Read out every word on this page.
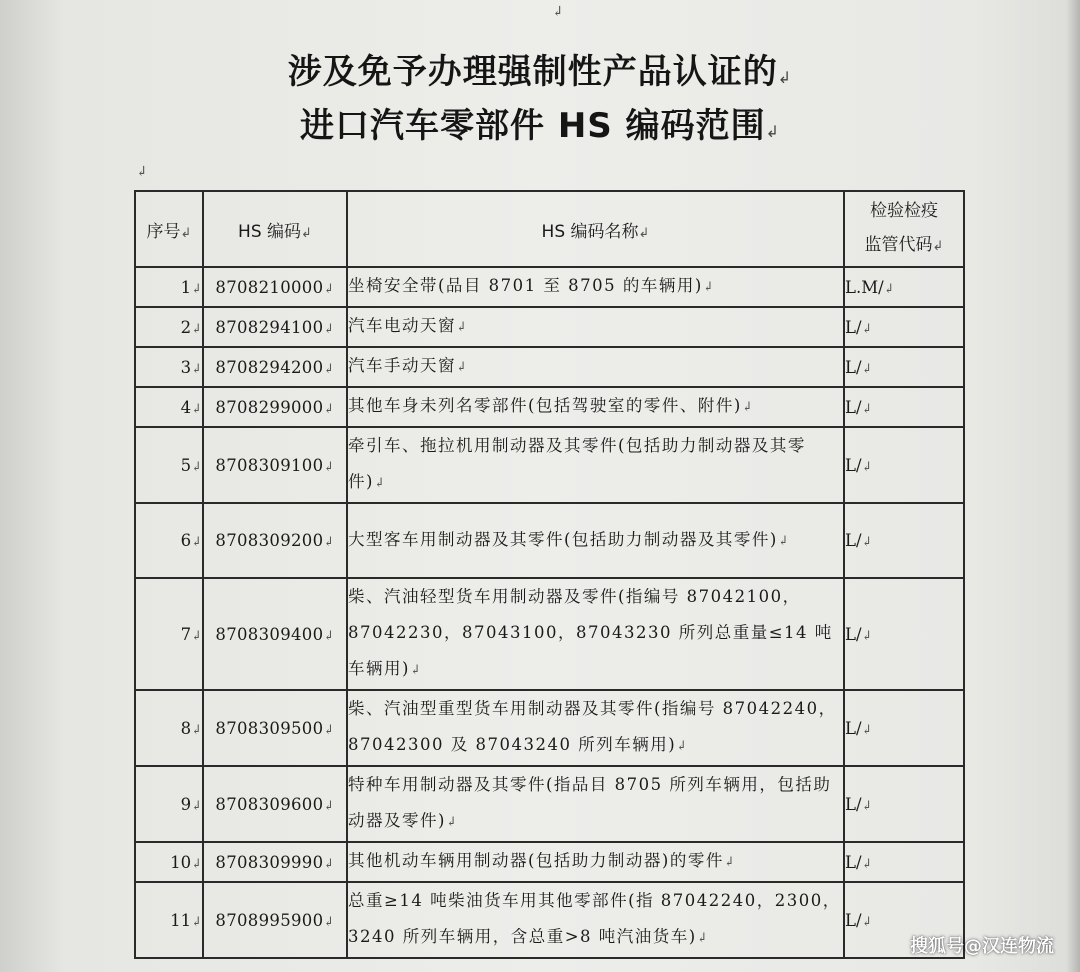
↲
↲
涉及免予办理强制性产品认证的↲
进口汽车零部件 HS 编码范围↲
序号↲	HS 编码↲	HS 编码名称↲	检验检疫
监管代码↲
1↲	8708210000↲	坐椅安全带(品目 8701 至 8705 的车辆用)↲	L.M/↲
2↲	8708294100↲	汽车电动天窗↲	L/↲
3↲	8708294200↲	汽车手动天窗↲	L/↲
4↲	8708299000↲	其他车身未列名零部件(包括驾驶室的零件、附件)↲	L/↲
5↲	8708309100↲	牵引车、拖拉机用制动器及其零件(包括助力制动器及其零件)↲	L/↲
6↲	8708309200↲	大型客车用制动器及其零件(包括助力制动器及其零件)↲	L/↲
7↲	8708309400↲	柴、汽油轻型货车用制动器及零件(指编号 87042100，87042230，87043100，87043230 所列总重量≤14 吨车辆用)↲	L/↲
8↲	8708309500↲	柴、汽油型重型货车用制动器及其零件(指编号 87042240，87042300 及 87043240 所列车辆用)↲	L/↲
9↲	8708309600↲	特种车用制动器及其零件(指品目 8705 所列车辆用，包括助动器及零件)↲	L/↲
10↲	8708309990↲	其他机动车辆用制动器(包括助力制动器)的零件↲	L/↲
11↲	8708995900↲	总重≥14 吨柴油货车用其他零部件(指 87042240，2300，3240 所列车辆用，含总重>8 吨汽油货车)↲	L/↲
搜狐号@汉连物流
